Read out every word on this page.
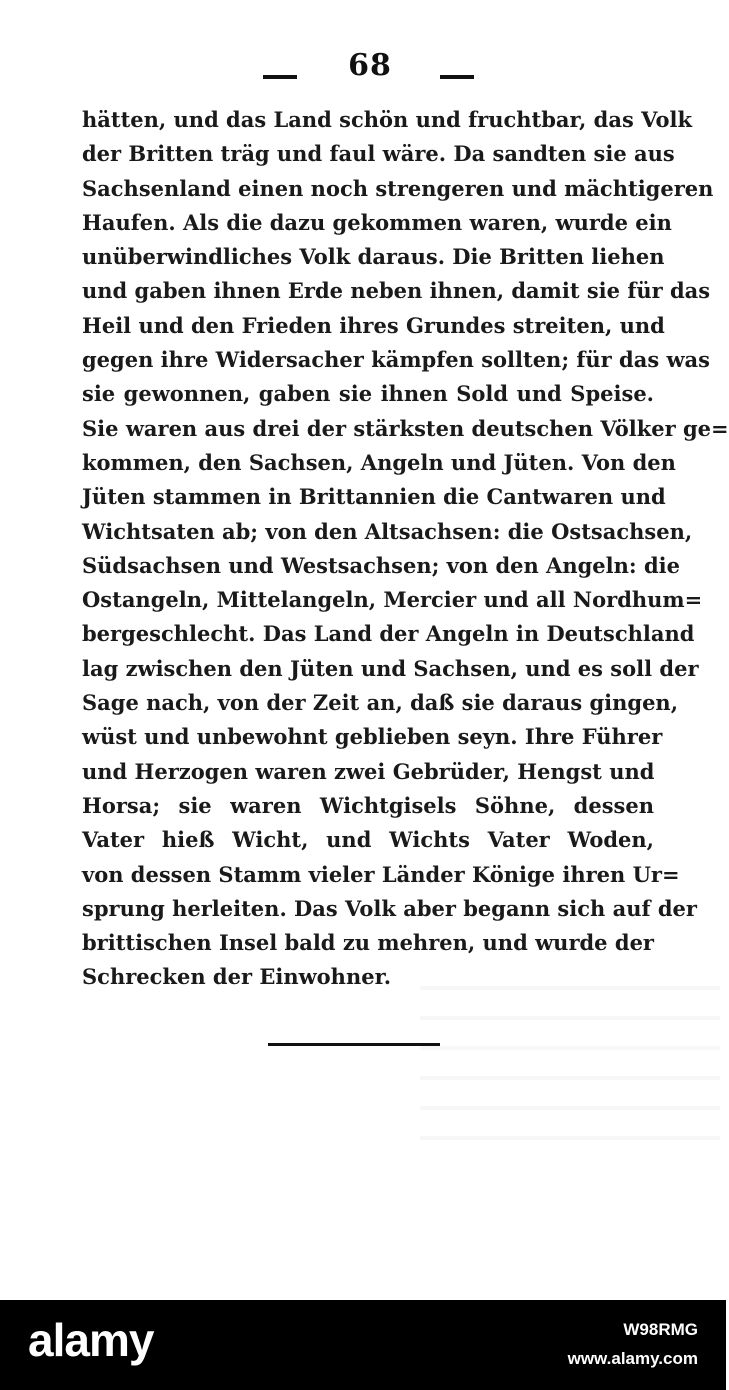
68
hätten, und das Land schön und fruchtbar, das Volk
der Britten träg und faul wäre. Da sandten sie aus
Sachsenland einen noch strengeren und mächtigeren
Haufen. Als die dazu gekommen waren, wurde ein
unüberwindliches Volk daraus. Die Britten liehen
und gaben ihnen Erde neben ihnen, damit sie für das
Heil und den Frieden ihres Grundes streiten, und
gegen ihre Widersacher kämpfen sollten; für das was
sie gewonnen, gaben sie ihnen Sold und Speise.
Sie waren aus drei der stärksten deutschen Völker ge=
kommen, den Sachsen, Angeln und Jüten. Von den
Jüten stammen in Brittannien die Cantwaren und
Wichtsaten ab; von den Altsachsen: die Ostsachsen,
Südsachsen und Westsachsen; von den Angeln: die
Ostangeln, Mittelangeln, Mercier und all Nordhum=
bergeschlecht. Das Land der Angeln in Deutschland
lag zwischen den Jüten und Sachsen, und es soll der
Sage nach, von der Zeit an, daß sie daraus gingen,
wüst und unbewohnt geblieben seyn. Ihre Führer
und Herzogen waren zwei Gebrüder, Hengst und
Horsa; sie waren Wichtgisels Söhne, dessen
Vater hieß Wicht, und Wichts Vater Woden,
von dessen Stamm vieler Länder Könige ihren Ur=
sprung herleiten. Das Volk aber begann sich auf der
brittischen Insel bald zu mehren, und wurde der
Schrecken der Einwohner.
alamy	W98RMG
www.alamy.com
